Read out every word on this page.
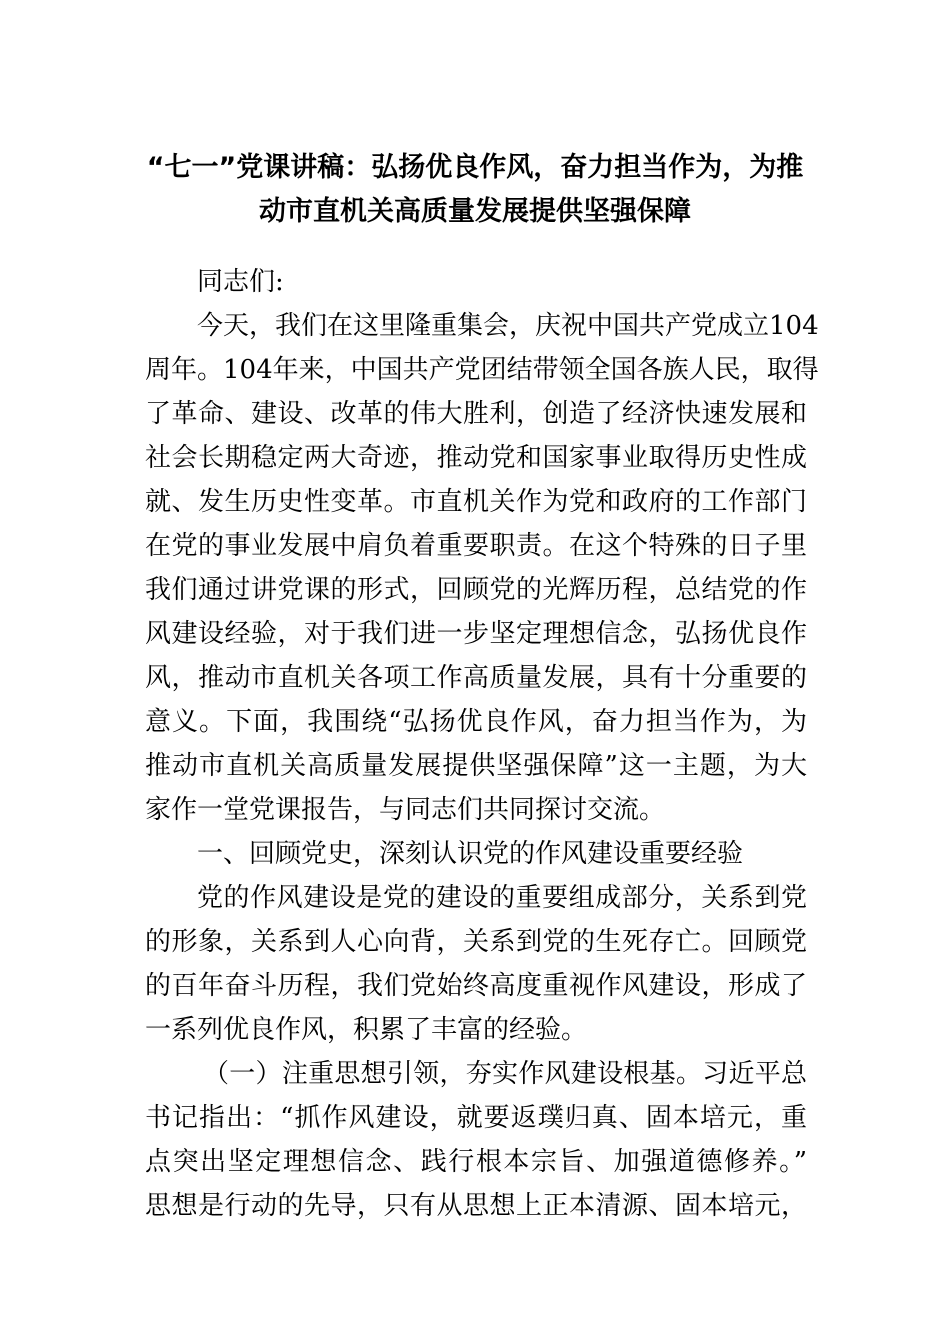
“七一”党课讲稿：弘扬优良作风，奋力担当作为，为推
动市直机关高质量发展提供坚强保障
同志们:
今天，我们在这里隆重集会，庆祝中国共产党成立104
周年。104年来，中国共产党团结带领全国各族人民，取得
了革命、建设、改革的伟大胜利，创造了经济快速发展和
社会长期稳定两大奇迹，推动党和国家事业取得历史性成
就、发生历史性变革。市直机关作为党和政府的工作部门
在党的事业发展中肩负着重要职责。在这个特殊的日子里
我们通过讲党课的形式，回顾党的光辉历程，总结党的作
风建设经验，对于我们进一步坚定理想信念，弘扬优良作
风，推动市直机关各项工作高质量发展，具有十分重要的
意义。下面，我围绕“弘扬优良作风，奋力担当作为，为
推动市直机关高质量发展提供坚强保障”这一主题，为大
家作一堂党课报告，与同志们共同探讨交流。
一、回顾党史，深刻认识党的作风建设重要经验
党的作风建设是党的建设的重要组成部分，关系到党
的形象，关系到人心向背，关系到党的生死存亡。回顾党
的百年奋斗历程，我们党始终高度重视作风建设，形成了
一系列优良作风，积累了丰富的经验。
（一）注重思想引领，夯实作风建设根基。习近平总
书记指出：“抓作风建设，就要返璞归真、固本培元，重
点突出坚定理想信念、践行根本宗旨、加强道德修养。”
思想是行动的先导，只有从思想上正本清源、固本培元，
